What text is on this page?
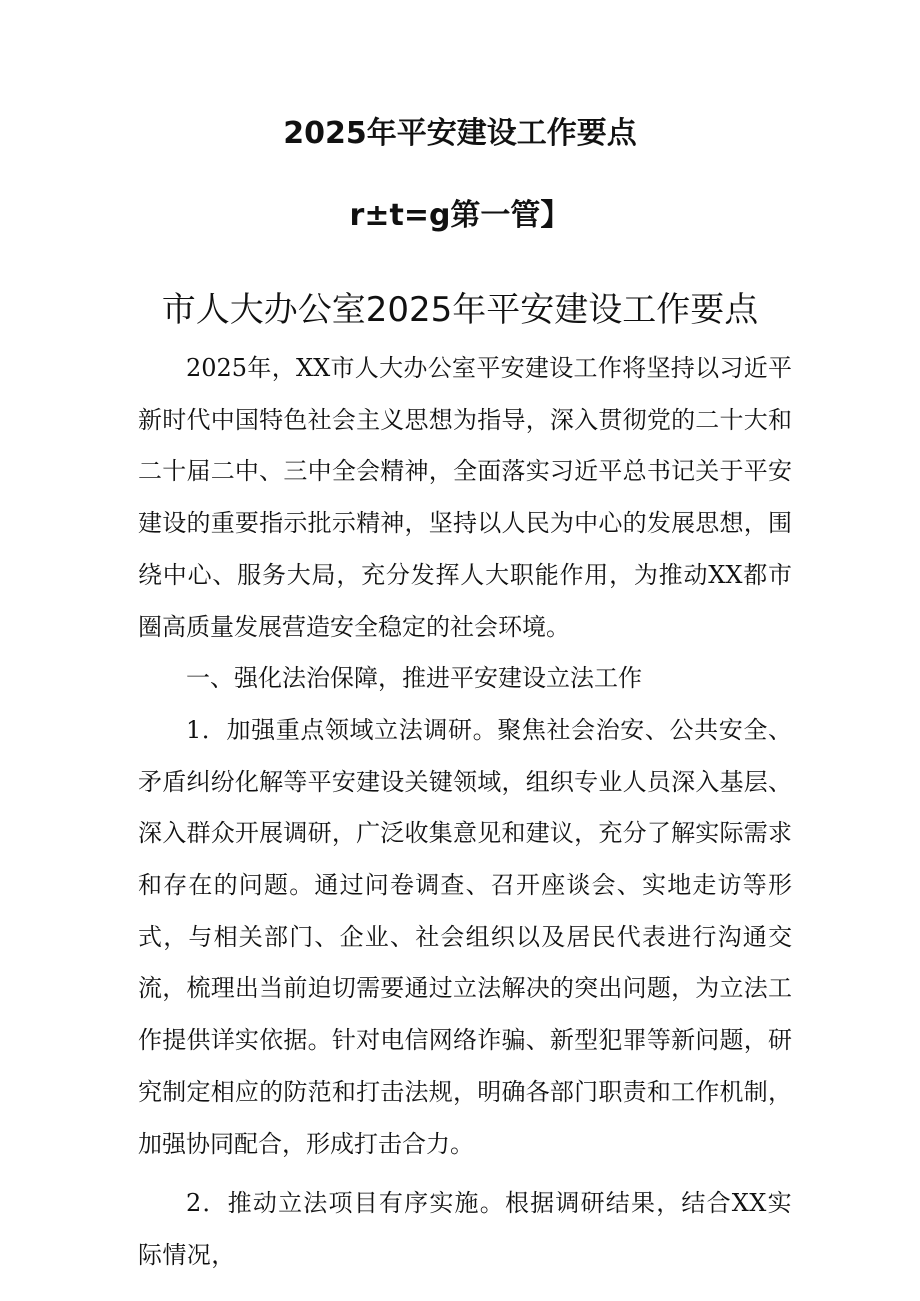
2025年平安建设工作要点
r±t=g第一管】
市人大办公室2025年平安建设工作要点

2025年，XX市人大办公室平安建设工作将坚持以习近平新时代中国特色社会主义思想为指导，深入贯彻党的二十大和二十届二中、三中全会精神，全面落实习近平总书记关于平安建设的重要指示批示精神，坚持以人民为中心的发展思想，围绕中心、服务大局，充分发挥人大职能作用，为推动XX都市圈高质量发展营造安全稳定的社会环境。

一、强化法治保障，推进平安建设立法工作

1．加强重点领域立法调研。聚焦社会治安、公共安全、矛盾纠纷化解等平安建设关键领域，组织专业人员深入基层、深入群众开展调研，广泛收集意见和建议，充分了解实际需求和存在的问题。通过问卷调查、召开座谈会、实地走访等形式，与相关部门、企业、社会组织以及居民代表进行沟通交流，梳理出当前迫切需要通过立法解决的突出问题，为立法工作提供详实依据。针对电信网络诈骗、新型犯罪等新问题，研究制定相应的防范和打击法规，明确各部门职责和工作机制，加强协同配合，形成打击合力。

2．推动立法项目有序实施。根据调研结果，结合XX实际情况，
